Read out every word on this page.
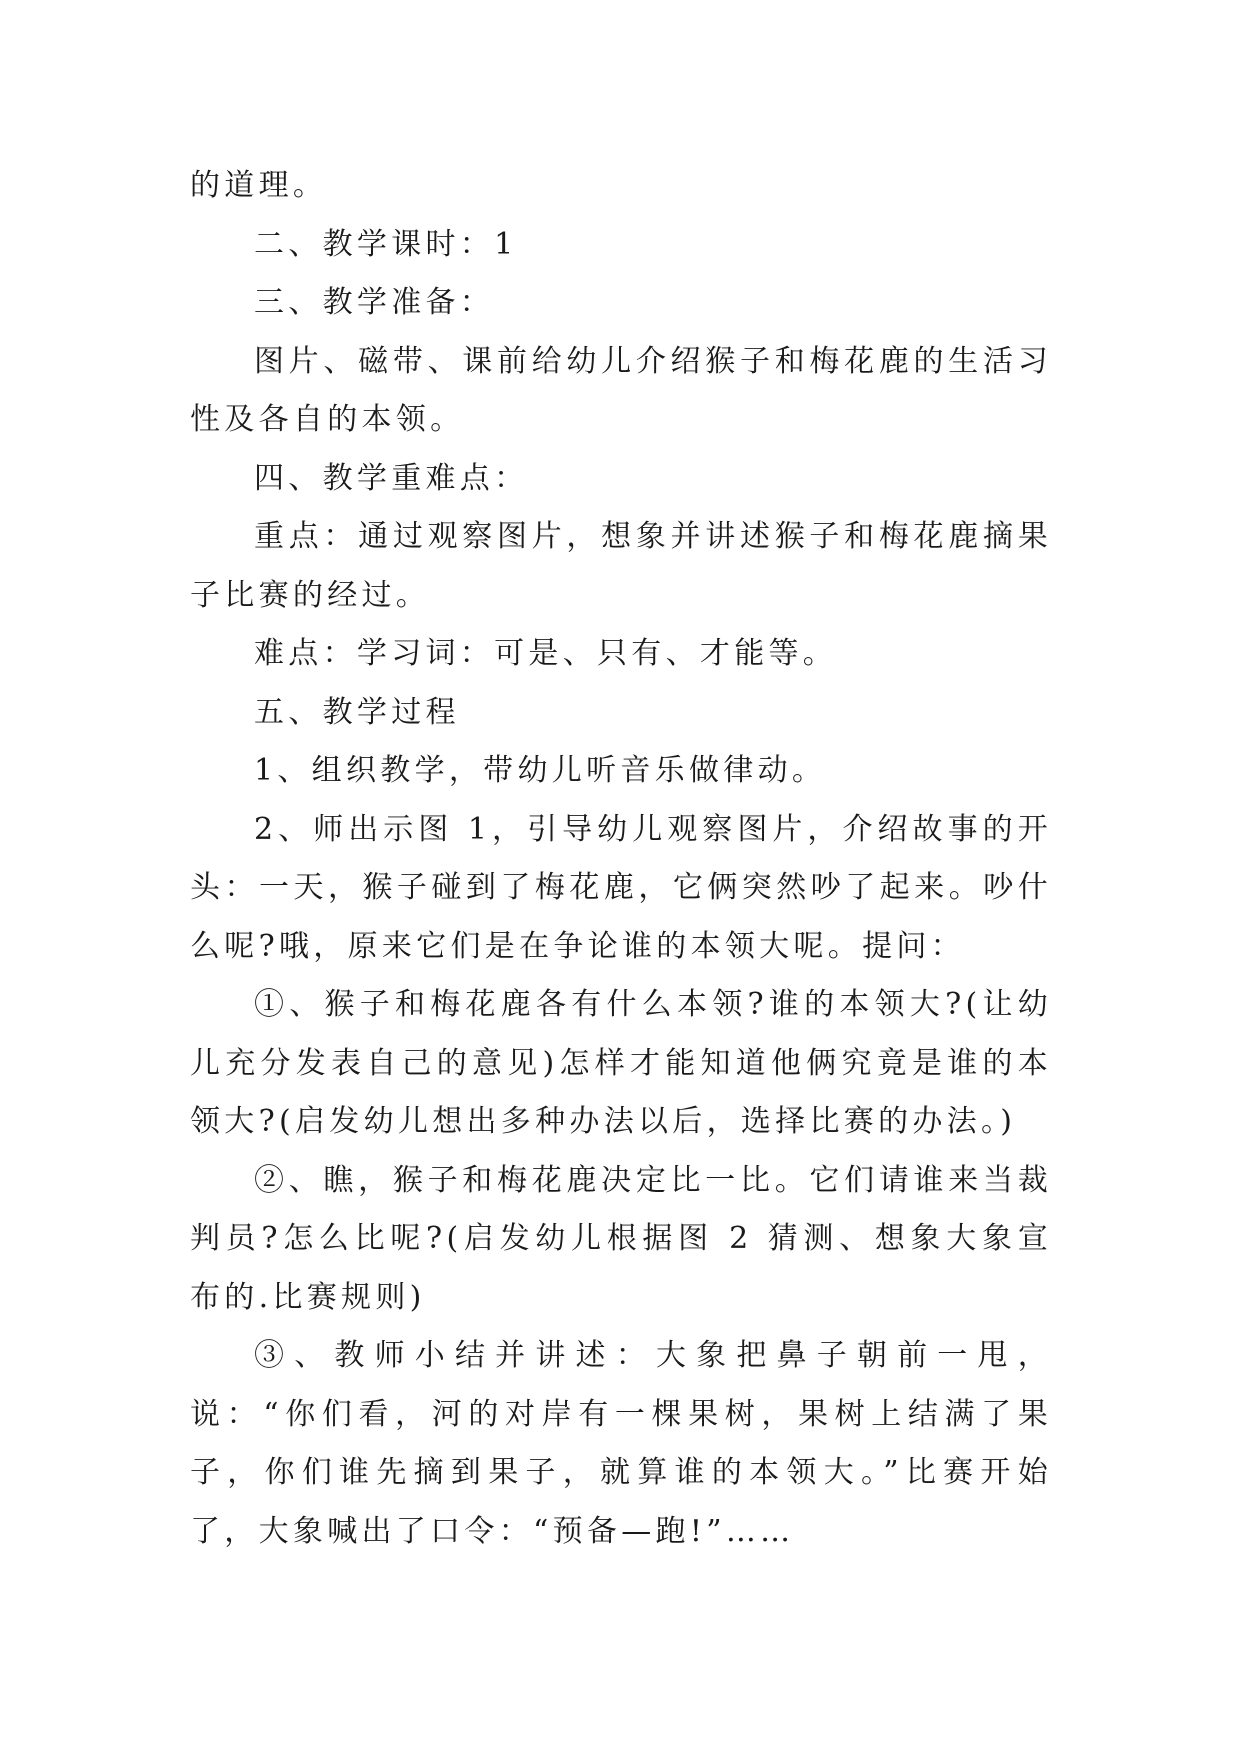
的道理。

二、教学课时：1

三、教学准备：

图片、磁带、课前给幼儿介绍猴子和梅花鹿的生活习性及各自的本领。

四、教学重难点：

重点：通过观察图片，想象并讲述猴子和梅花鹿摘果子比赛的经过。

难点：学习词：可是、只有、才能等。

五、教学过程

1、组织教学，带幼儿听音乐做律动。

2、师出示图 1，引导幼儿观察图片，介绍故事的开头：一天，猴子碰到了梅花鹿，它俩突然吵了起来。吵什么呢?哦，原来它们是在争论谁的本领大呢。提问：

①、猴子和梅花鹿各有什么本领?谁的本领大?(让幼儿充分发表自己的意见)怎样才能知道他俩究竟是谁的本领大?(启发幼儿想出多种办法以后，选择比赛的办法。)

②、瞧，猴子和梅花鹿决定比一比。它们请谁来当裁判员?怎么比呢?(启发幼儿根据图 2 猜测、想象大象宣布的.比赛规则)

③、教师小结并讲述：大象把鼻子朝前一甩，说：“你们看，河的对岸有一棵果树，果树上结满了果子，你们谁先摘到果子，就算谁的本领大。”比赛开始了，大象喊出了口令：“预备—跑!”……
